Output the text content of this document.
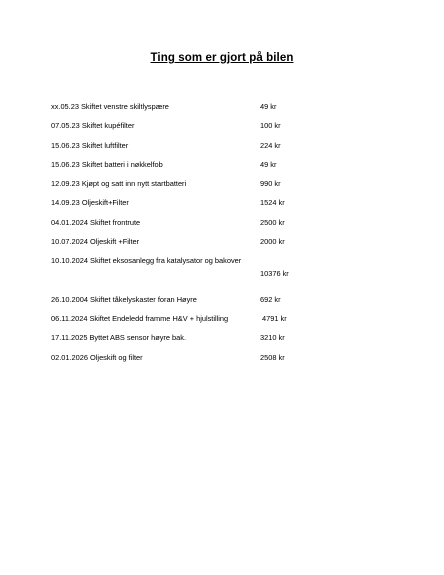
Ting som er gjort på bilen
xx.05.23 Skiftet venstre skiltlyspære	49 kr
07.05.23 Skiftet kupéfilter	100 kr
15.06.23 Skiftet luftfilter	224 kr
15.06.23 Skiftet batteri i nøkkelfob	49 kr
12.09.23 Kjøpt og satt inn nytt startbatteri	990 kr
14.09.23 Oljeskift+Filter	1524 kr
04.01.2024 Skiftet frontrute	2500 kr
10.07.2024 Oljeskift +Filter	2000 kr
10.10.2024 Skiftet eksosanlegg fra katalysator og bakover
10376 kr
26.10.2004 Skiftet tåkelyskaster foran Høyre	692 kr
06.11.2024 Skiftet Endeledd framme H&V + hjulstilling	4791 kr
17.11.2025 Byttet ABS sensor høyre bak.	3210 kr
02.01.2026 Oljeskift og filter	2508 kr
